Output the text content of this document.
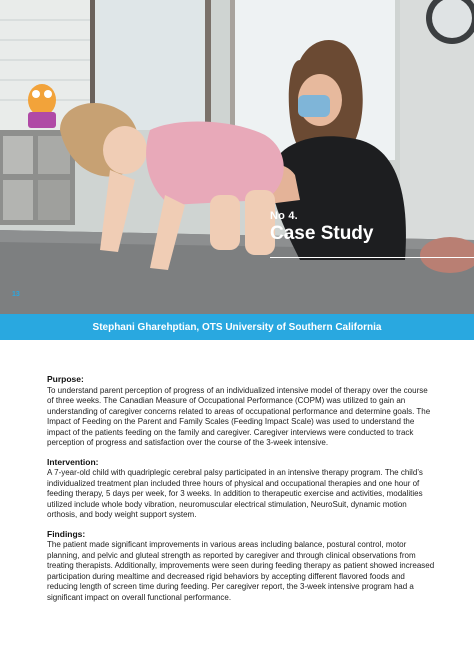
No 4.
Case Study
13
Stephani Gharehptian, OTS University of Southern California
Purpose:

To understand parent perception of progress of an individualized intensive model of therapy over the course of three weeks. The Canadian Measure of Occupational Performance (COPM) was utilized to gain an understanding of caregiver concerns related to areas of occupational performance and determine goals. The Impact of Feeding on the Parent and Family Scales (Feeding Impact Scale) was used to understand the impact of the patients feeding on the family and caregiver. Caregiver interviews were conducted to track perception of progress and satisfaction over the course of the 3-week intensive.

Intervention:

A 7-year-old child with quadriplegic cerebral palsy participated in an intensive therapy program. The child’s individualized treatment plan included three hours of physical and occupational therapies and one hour of feeding therapy, 5 days per week, for 3 weeks. In addition to therapeutic exercise and activities, modalities utilized include whole body vibration, neuromuscular electrical stimulation, NeuroSuit, dynamic motion orthosis, and body weight support system.

Findings:

The patient made significant improvements in various areas including balance, postural control, motor planning, and pelvic and gluteal strength as reported by caregiver and through clinical observations from treating therapists. Additionally, improvements were seen during feeding therapy as patient showed increased participation during mealtime and decreased rigid behaviors by accepting different flavored foods and reducing length of screen time during feeding. Per caregiver report, the 3-week intensive program had a significant impact on overall functional performance.
